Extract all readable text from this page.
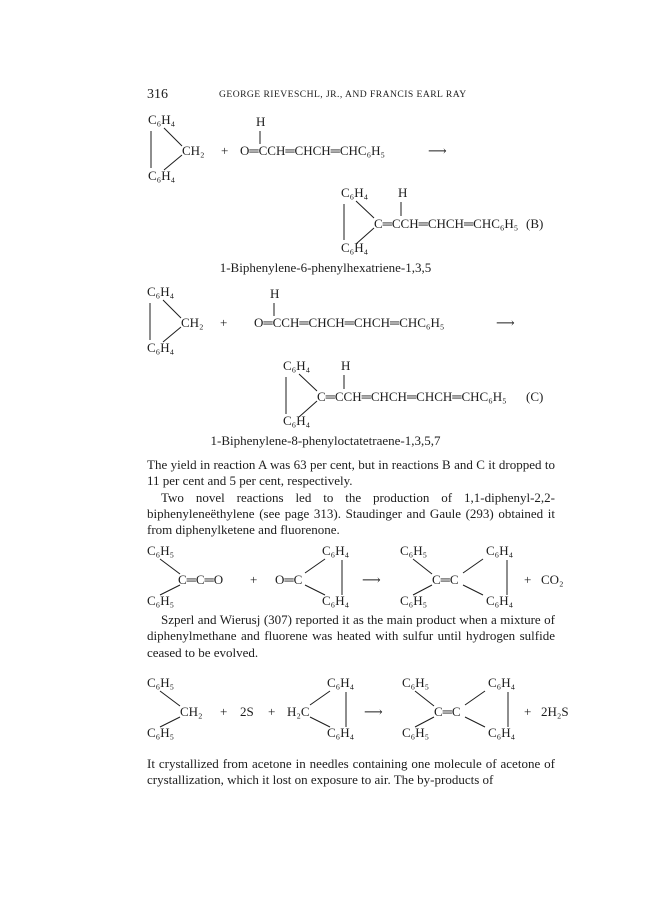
316	GEORGE RIEVESCHL, JR., AND FRANCIS EARL RAY
C₆H₄
C₆H₄
CH₂ +
H
O═CCH═CHCH═CHC₆H₅	⟶
C₆H₄ H
C═CCH═CHCH═CHC₆H₅ (B)
C₆H₄
1-Biphenylene-6-phenylhexatriene-1,3,5
C₆H₄
C₆H₄
CH₂ +
H
O═CCH═CHCH═CHCH═CHC₆H₅	⟶
C₆H₄ H
C═CCH═CHCH═CHCH═CHC₆H₅ (C)
C₆H₄
1-Biphenylene-8-phenyloctatetraene-1,3,5,7

The yield in reaction A was 63 per cent, but in reactions B and C it dropped to 11 per cent and 5 per cent, respectively.

Two novel reactions led to the production of 1,1-diphenyl-2,2-biphenyleneëthylene (see page 313). Staudinger and Gaule (293) obtained it from diphenylketene and fluorenone.

C₆H₅
C₆H₅
C═C═O + O═C
C₆H₄
C₆H₄
⟶
C₆H₅
C₆H₅
C═C
C₆H₄
C₆H₄
+ CO₂

Szperl and Wierusj (307) reported it as the main product when a mixture of diphenylmethane and fluorene was heated with sulfur until hydrogen sulfide ceased to be evolved.

C₆H₅
C₆H₅
CH₂ + 2S + H₂C
C₆H₄
C₆H₄
⟶
C₆H₅
C₆H₅
C═C
C₆H₄
C₆H₄
+ 2H₂S

It crystallized from acetone in needles containing one molecule of acetone of crystallization, which it lost on exposure to air. The by-products of
